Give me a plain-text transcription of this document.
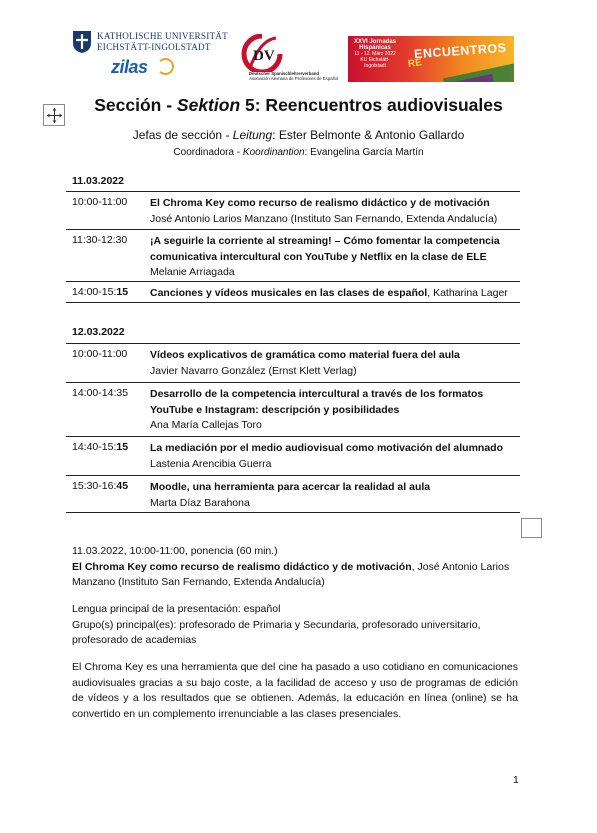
KATHOLISCHE UNIVERSITÄT
EICHSTÄTT-INGOLSTADT
zilas
DV
Deutscher Spanischlehrerverband
Asociación Alemana de Profesores de Español
XXVI Jornadas
Hispánicas
11 - 12. März 2022
KU Eichstätt-Ingolstadt
ENCUENTROS
RE
Sección - Sektion 5: Reencuentros audiovisuales
Jefas de sección - Leitung: Ester Belmonte & Antonio Gallardo
Coordinadora - Koordinantion: Evangelina García Martín
11.03.2022
10:00-11:00 El Chroma Key como recurso de realismo didáctico y de motivación
José Antonio Larios Manzano (Instituto San Fernando, Extenda Andalucía)
11:30-12:30 ¡A seguirle la corriente al streaming! – Cómo fomentar la competencia
comunicativa intercultural con YouTube y Netflix en la clase de ELE
Melanie Arriagada
14:00-15:15 Canciones y vídeos musicales en las clases de español, Katharina Lager
12.03.2022
10:00-11:00 Vídeos explicativos de gramática como material fuera del aula
Javier Navarro González (Ernst Klett Verlag)
14:00-14:35 Desarrollo de la competencia intercultural a través de los formatos
YouTube e Instagram: descripción y posibilidades
Ana María Callejas Toro
14:40-15:15 La mediación por el medio audiovisual como motivación del alumnado
Lastenia Arencibia Guerra
15:30-16:45 Moodle, una herramienta para acercar la realidad al aula
Marta Díaz Barahona
11.03.2022, 10:00-11:00, ponencia (60 min.)
El Chroma Key como recurso de realismo didáctico y de motivación, José Antonio Larios Manzano (Instituto San Fernando, Extenda Andalucía)
Lengua principal de la presentación: español
Grupo(s) principal(es): profesorado de Primaria y Secundaria, profesorado universitario, profesorado de academias
El Chroma Key es una herramienta que del cine ha pasado a uso cotidiano en comunicaciones audiovisuales gracias a su bajo coste, a la facilidad de acceso y uso de programas de edición de vídeos y a los resultados que se obtienen. Además, la educación en línea (online) se ha convertido en un complemento irrenunciable a las clases presenciales.
1
